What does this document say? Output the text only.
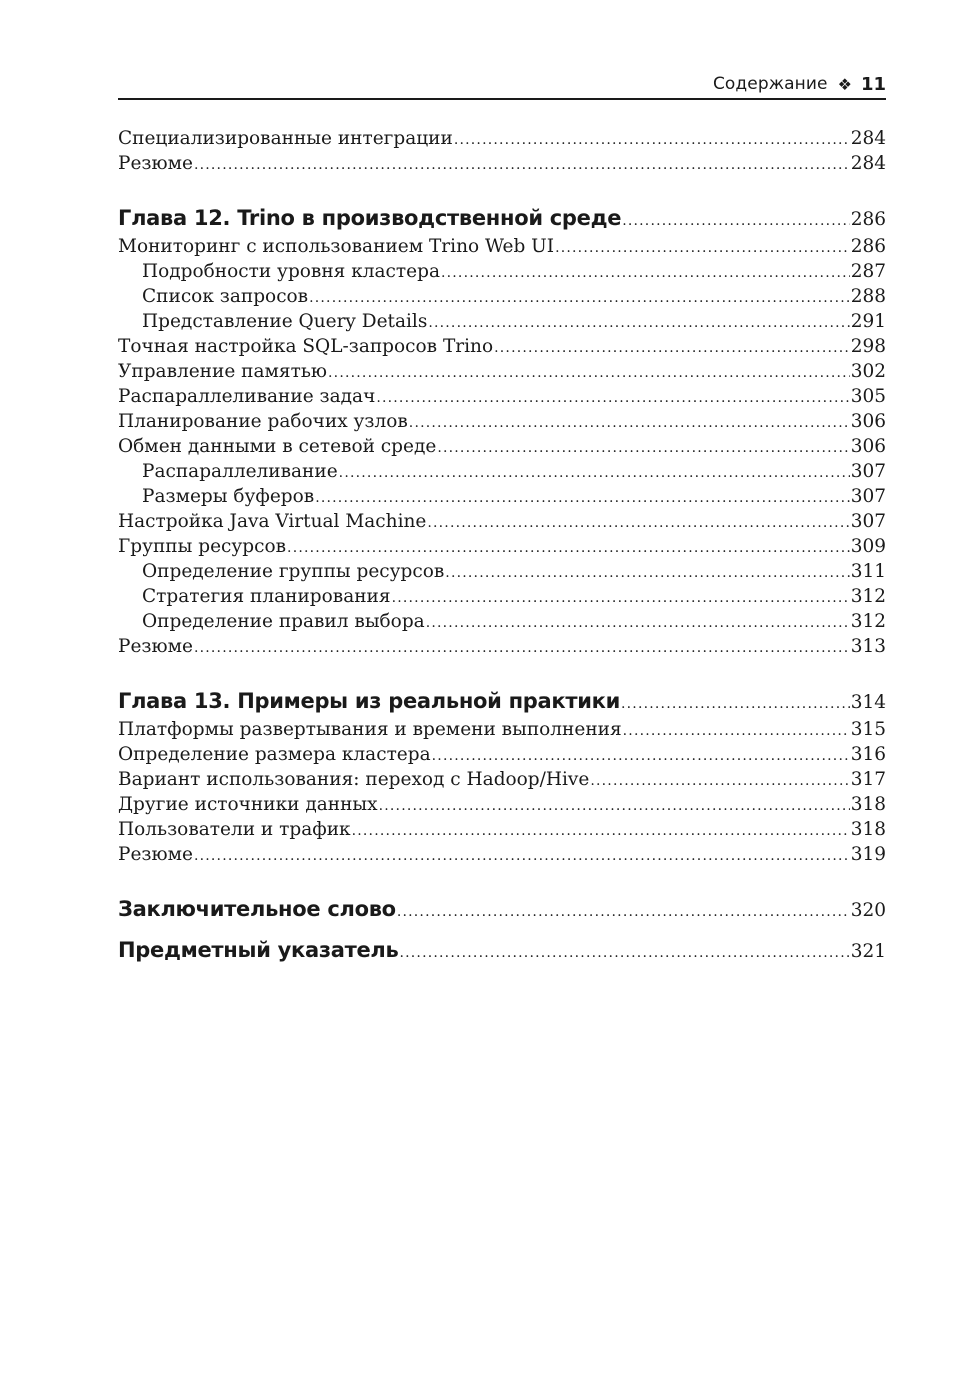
Содержание ❖ 11
Специализированные интеграции .....	284
Резюме .....	284
Глава 12. Trino в производственной среде .....	286
Мониторинг с использованием Trino Web UI .....	286
Подробности уровня кластера .....	287
Список запросов .....	288
Представление Query Details .....	291
Точная настройка SQL-запросов Trino .....	298
Управление памятью .....	302
Распараллеливание задач .....	305
Планирование рабочих узлов .....	306
Обмен данными в сетевой среде .....	306
Распараллеливание .....	307
Размеры буферов .....	307
Настройка Java Virtual Machine .....	307
Группы ресурсов .....	309
Определение группы ресурсов .....	311
Стратегия планирования .....	312
Определение правил выбора .....	312
Резюме .....	313
Глава 13. Примеры из реальной практики .....	314
Платформы развертывания и времени выполнения .....	315
Определение размера кластера .....	316
Вариант использования: переход с Hadoop/Hive .....	317
Другие источники данных .....	318
Пользователи и трафик .....	318
Резюме .....	319
Заключительное слово .....	320
Предметный указатель .....	321
